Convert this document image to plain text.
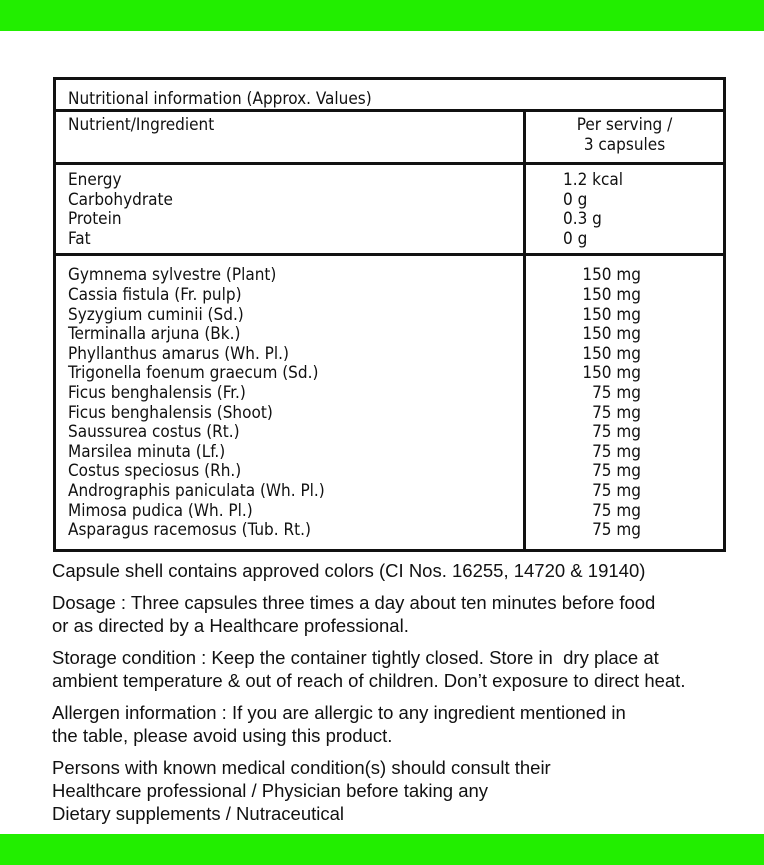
Nutritional information (Approx. Values)
Nutrient/Ingredient	Per serving /
3 capsules
Energy
Carbohydrate
Protein
Fat
1.2 kcal
0 g
0.3 g
0 g
Gymnema sylvestre (Plant)
Cassia fistula (Fr. pulp)
Syzygium cuminii (Sd.)
Terminalla arjuna (Bk.)
Phyllanthus amarus (Wh. Pl.)
Trigonella foenum graecum (Sd.)
Ficus benghalensis (Fr.)
Ficus benghalensis (Shoot)
Saussurea costus (Rt.)
Marsilea minuta (Lf.)
Costus speciosus (Rh.)
Andrographis paniculata (Wh. Pl.)
Mimosa pudica (Wh. Pl.)
Asparagus racemosus (Tub. Rt.)
150 mg
150 mg
150 mg
150 mg
150 mg
150 mg
75 mg
75 mg
75 mg
75 mg
75 mg
75 mg
75 mg
75 mg
Capsule shell contains approved colors (CI Nos. 16255, 14720 & 19140)
Dosage : Three capsules three times a day about ten minutes before food
or as directed by a Healthcare professional.
Storage condition : Keep the container tightly closed. Store in  dry place at
ambient temperature & out of reach of children. Don’t exposure to direct heat.
Allergen information : If you are allergic to any ingredient mentioned in
the table, please avoid using this product.
Persons with known medical condition(s) should consult their
Healthcare professional / Physician before taking any
Dietary supplements / Nutraceutical
